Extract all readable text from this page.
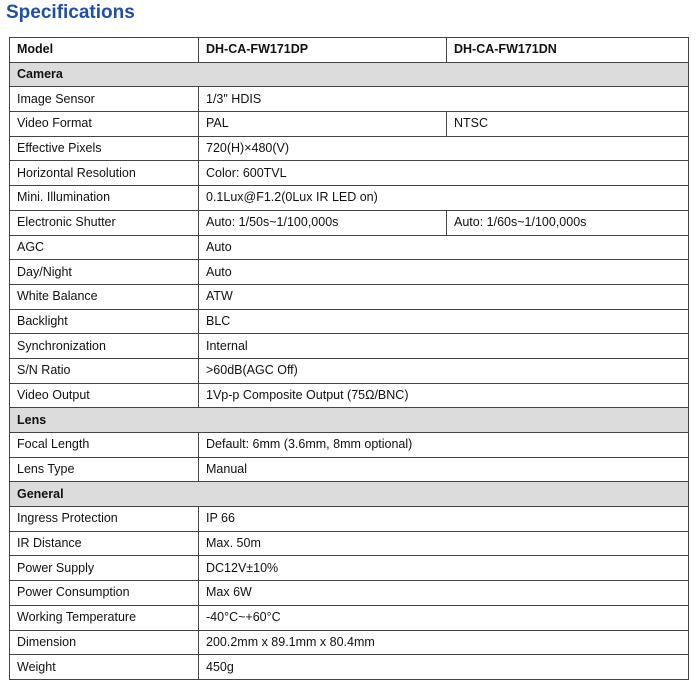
Specifications
Model	DH-CA-FW171DP	DH-CA-FW171DN
Camera		
Image Sensor	1/3" HDIS	
Video Format	PAL	NTSC
Effective Pixels	720(H)×480(V)	
Horizontal Resolution	Color: 600TVL	
Mini. Illumination	0.1Lux@F1.2(0Lux IR LED on)	
Electronic Shutter	Auto: 1/50s~1/100,000s	Auto: 1/60s~1/100,000s
AGC	Auto	
Day/Night	Auto	
White Balance	ATW	
Backlight	BLC	
Synchronization	Internal	
S/N Ratio	>60dB(AGC Off)	
Video Output	1Vp-p Composite Output (75Ω/BNC)	
Lens		
Focal Length	Default: 6mm (3.6mm, 8mm optional)	
Lens Type	Manual	
General		
Ingress Protection	IP 66	
IR Distance	Max. 50m	
Power Supply	DC12V±10%	
Power Consumption	Max 6W	
Working Temperature	-40°C~+60°C	
Dimension	200.2mm x 89.1mm x 80.4mm	
Weight	450g	
